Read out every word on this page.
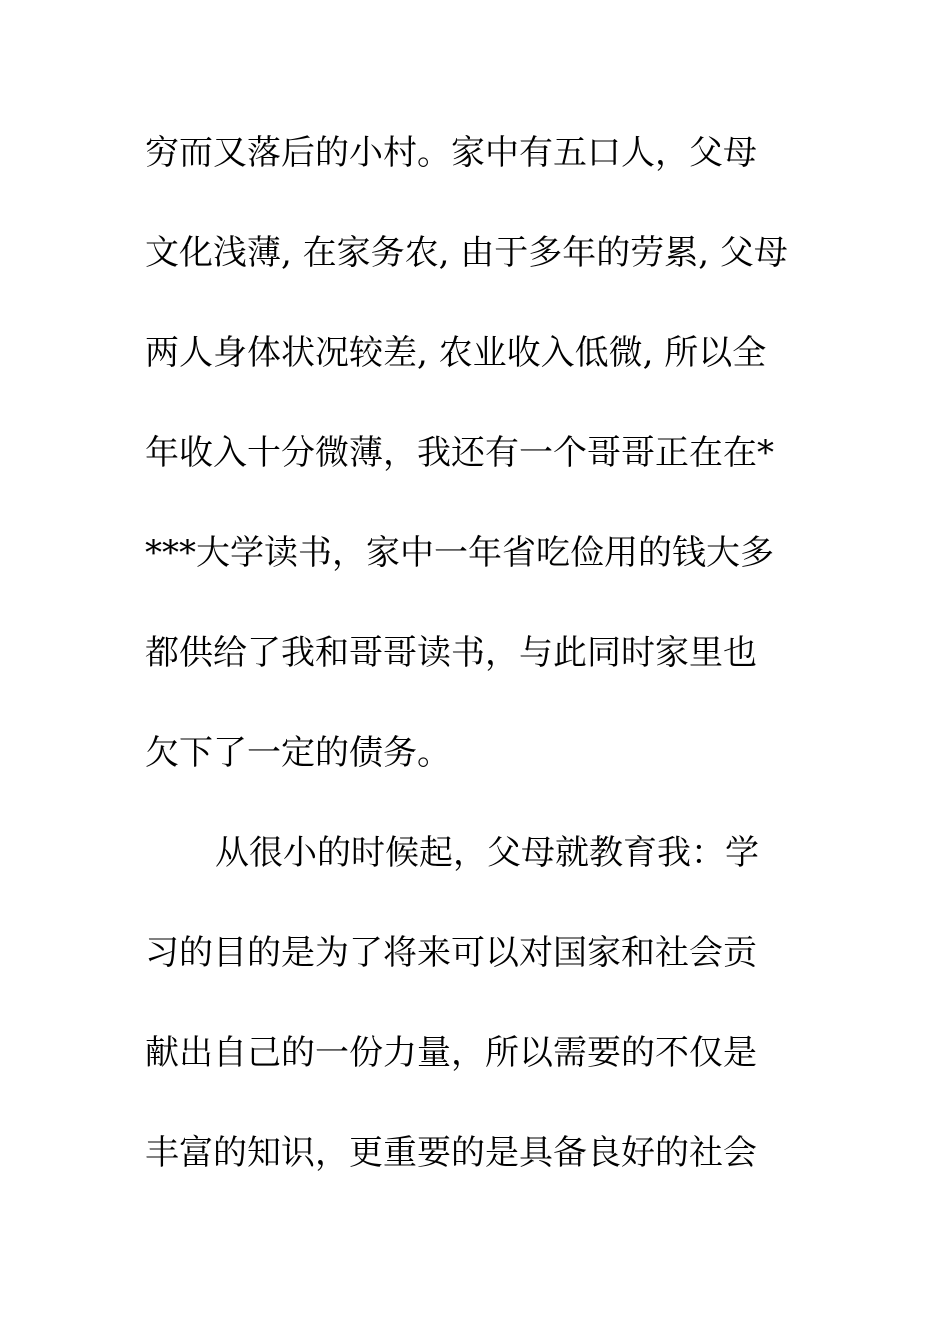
穷而又落后的小村。家中有五口人，父母
文化浅薄, 在家务农, 由于多年的劳累, 父母
两人身体状况较差, 农业收入低微, 所以全
年收入十分微薄，我还有一个哥哥正在在*
***大学读书，家中一年省吃俭用的钱大多
都供给了我和哥哥读书，与此同时家里也
欠下了一定的债务。
从很小的时候起，父母就教育我：学
习的目的是为了将来可以对国家和社会贡
献出自己的一份力量，所以需要的不仅是
丰富的知识，更重要的是具备良好的社会
